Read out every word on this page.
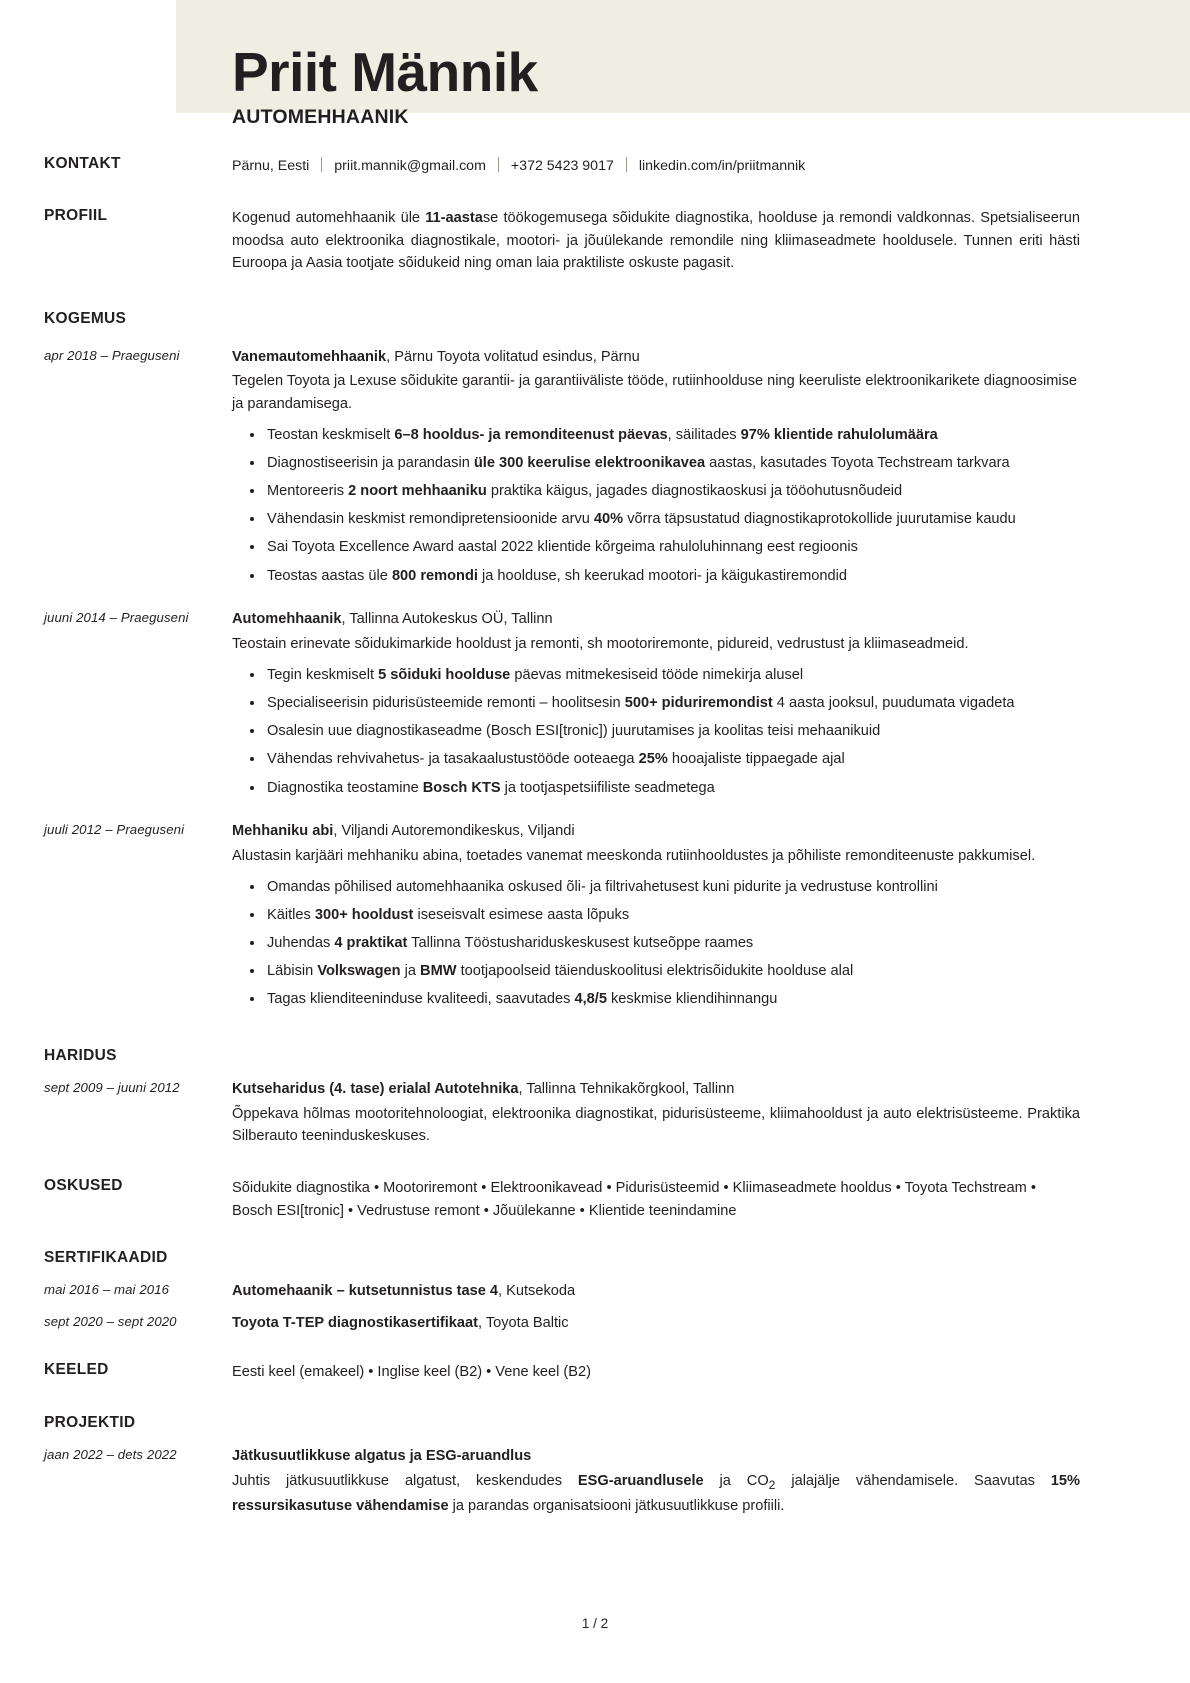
Priit Männik

AUTOMEHHAANIK

KONTAKT	Pärnu, Eesti priit.mannik@gmail.com +372 5423 9017 linkedin.com/in/priitmannik
PROFIIL	Kogenud automehhaanik üle 11-aastase töökogemusega sõidukite diagnostika, hoolduse ja remondi valdkonnas. Spetsialiseerun moodsa auto elektroonika diagnostikale, mootori- ja jõuülekande remondile ning kliimaseadmete hooldusele. Tunnen eriti hästi Euroopa ja Aasia tootjate sõidukeid ning oman laia praktiliste oskuste pagasit.

KOGEMUS
apr 2018 – Praeguseni	Vanemautomehhaanik, Pärnu Toyota volitatud esindus, Pärnu

Tegelen Toyota ja Lexuse sõidukite garantii- ja garantiiväliste tööde, rutiinhoolduse ning keeruliste elektroonikarikete diagnoosimise ja parandamisega.

Teostan keskmiselt 6–8 hooldus- ja remonditeenust päevas, säilitades 97% klientide rahulolumäära
Diagnostiseerisin ja parandasin üle 300 keerulise elektroonikavea aastas, kasutades Toyota Techstream tarkvara
Mentoreeris 2 noort mehhaaniku praktika käigus, jagades diagnostikaoskusi ja tööohutusnõudeid
Vähendasin keskmist remondipretensioonide arvu 40% võrra täpsustatud diagnostikaprotokollide juurutamise kaudu
Sai Toyota Excellence Award aastal 2022 klientide kõrgeima rahuloluhinnang eest regioonis
Teostas aastas üle 800 remondi ja hoolduse, sh keerukad mootori- ja käigukastiremondid
juuni 2014 – Praeguseni	Automehhaanik, Tallinna Autokeskus OÜ, Tallinn

Teostain erinevate sõidukimarkide hooldust ja remonti, sh mootoriremonte, pidureid, vedrustust ja kliimaseadmeid.

Tegin keskmiselt 5 sõiduki hoolduse päevas mitmekesiseid tööde nimekirja alusel
Specialiseerisin pidurisüsteemide remonti – hoolitsesin 500+ piduriremondist 4 aasta jooksul, puudumata vigadeta
Osalesin uue diagnostikaseadme (Bosch ESI[tronic]) juurutamises ja koolitas teisi mehaanikuid
Vähendas rehvivahetus- ja tasakaalustustööde ooteaega 25% hooajaliste tippaegade ajal
Diagnostika teostamine Bosch KTS ja tootjaspetsiifiliste seadmetega
juuli 2012 – Praeguseni	Mehhaniku abi, Viljandi Autoremondikeskus, Viljandi

Alustasin karjääri mehhaniku abina, toetades vanemat meeskonda rutiinhooldustes ja põhiliste remonditeenuste pakkumisel.

Omandas põhilised automehhaanika oskused õli- ja filtrivahetusest kuni pidurite ja vedrustuse kontrollini
Käitles 300+ hooldust iseseisvalt esimese aasta lõpuks
Juhendas 4 praktikat Tallinna Tööstushariduskeskusest kutseõppe raames
Läbisin Volkswagen ja BMW tootjapoolseid täienduskoolitusi elektrisõidukite hoolduse alal
Tagas klienditeeninduse kvaliteedi, saavutades 4,8/5 keskmise kliendihinnangu
HARIDUS
sept 2009 – juuni 2012	Kutseharidus (4. tase) erialal Autotehnika, Tallinna Tehnikakõrgkool, Tallinn

Õppekava hõlmas mootoritehnoloogiat, elektroonika diagnostikat, pidurisüsteeme, kliimahooldust ja auto elektrisüsteeme. Praktika Silberauto teeninduskeskuses.

OSKUSED	Sõidukite diagnostika • Mootoriremont • Elektroonikavead • Pidurisüsteemid • Kliimaseadmete hooldus • Toyota Techstream • Bosch ESI[tronic] • Vedrustuse remont • Jõuülekanne • Klientide teenindamine

SERTIFIKAADID
mai 2016 – mai 2016	Automehaanik – kutsetunnistus tase 4, Kutsekoda

sept 2020 – sept 2020	Toyota T-TEP diagnostikasertifikaat, Toyota Baltic

KEELED	Eesti keel (emakeel) • Inglise keel (B2) • Vene keel (B2)

PROJEKTID
jaan 2022 – dets 2022	Jätkusuutlikkuse algatus ja ESG-aruandlus

Juhtis jätkusuutlikkuse algatust, keskendudes ESG-aruandlusele ja $CO_2$ jalajälje vähendamisele. Saavutas 15% ressursikasutuse vähendamise ja parandas organisatsiooni jätkusuutlikkuse profiili.

1 / 2
